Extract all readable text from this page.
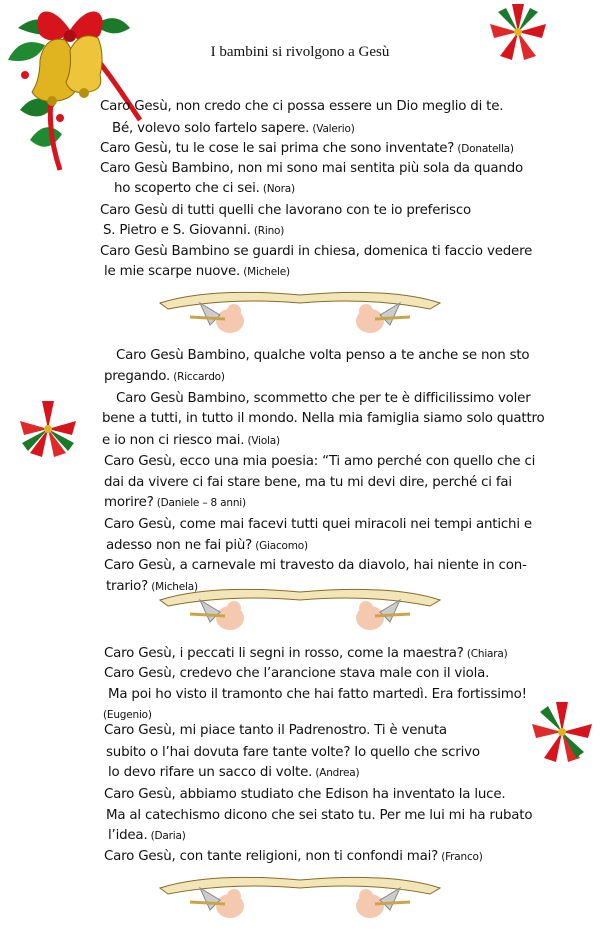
I bambini si rivolgono a Gesù
Caro Gesù, non credo che ci possa essere un Dio meglio di te.
Bé, volevo solo fartelo sapere. (Valerio)
Caro Gesù, tu le cose le sai prima che sono inventate? (Donatella)
Caro Gesù Bambino, non mi sono mai sentita più sola da quando
ho scoperto che ci sei. (Nora)
Caro Gesù di tutti quelli che lavorano con te io preferisco
S. Pietro e S. Giovanni. (Rino)
Caro Gesù Bambino se guardi in chiesa, domenica ti faccio vedere
le mie scarpe nuove. (Michele)
Caro Gesù Bambino, qualche volta penso a te anche se non sto
pregando. (Riccardo)
Caro Gesù Bambino, scommetto che per te è difficilissimo voler
bene a tutti, in tutto il mondo. Nella mia famiglia siamo solo quattro
e io non ci riesco mai. (Viola)
Caro Gesù, ecco una mia poesia: “Ti amo perché con quello che ci
dai da vivere ci fai stare bene, ma tu mi devi dire, perché ci fai
morire? (Daniele – 8 anni)
Caro Gesù, come mai facevi tutti quei miracoli nei tempi antichi e
adesso non ne fai più? (Giacomo)
Caro Gesù, a carnevale mi travesto da diavolo, hai niente in con-
trario? (Michela)
Caro Gesù, i peccati li segni in rosso, come la maestra? (Chiara)
Caro Gesù, credevo che l’arancione stava male con il viola.
Ma poi ho visto il tramonto che hai fatto martedì. Era fortissimo!
(Eugenio)
Caro Gesù, mi piace tanto il Padrenostro. Ti è venuta
subito o l’hai dovuta fare tante volte? Io quello che scrivo
lo devo rifare un sacco di volte. (Andrea)
Caro Gesù, abbiamo studiato che Edison ha inventato la luce.
Ma al catechismo dicono che sei stato tu. Per me lui mi ha rubato
l’idea. (Daria)
Caro Gesù, con tante religioni, non ti confondi mai? (Franco)
